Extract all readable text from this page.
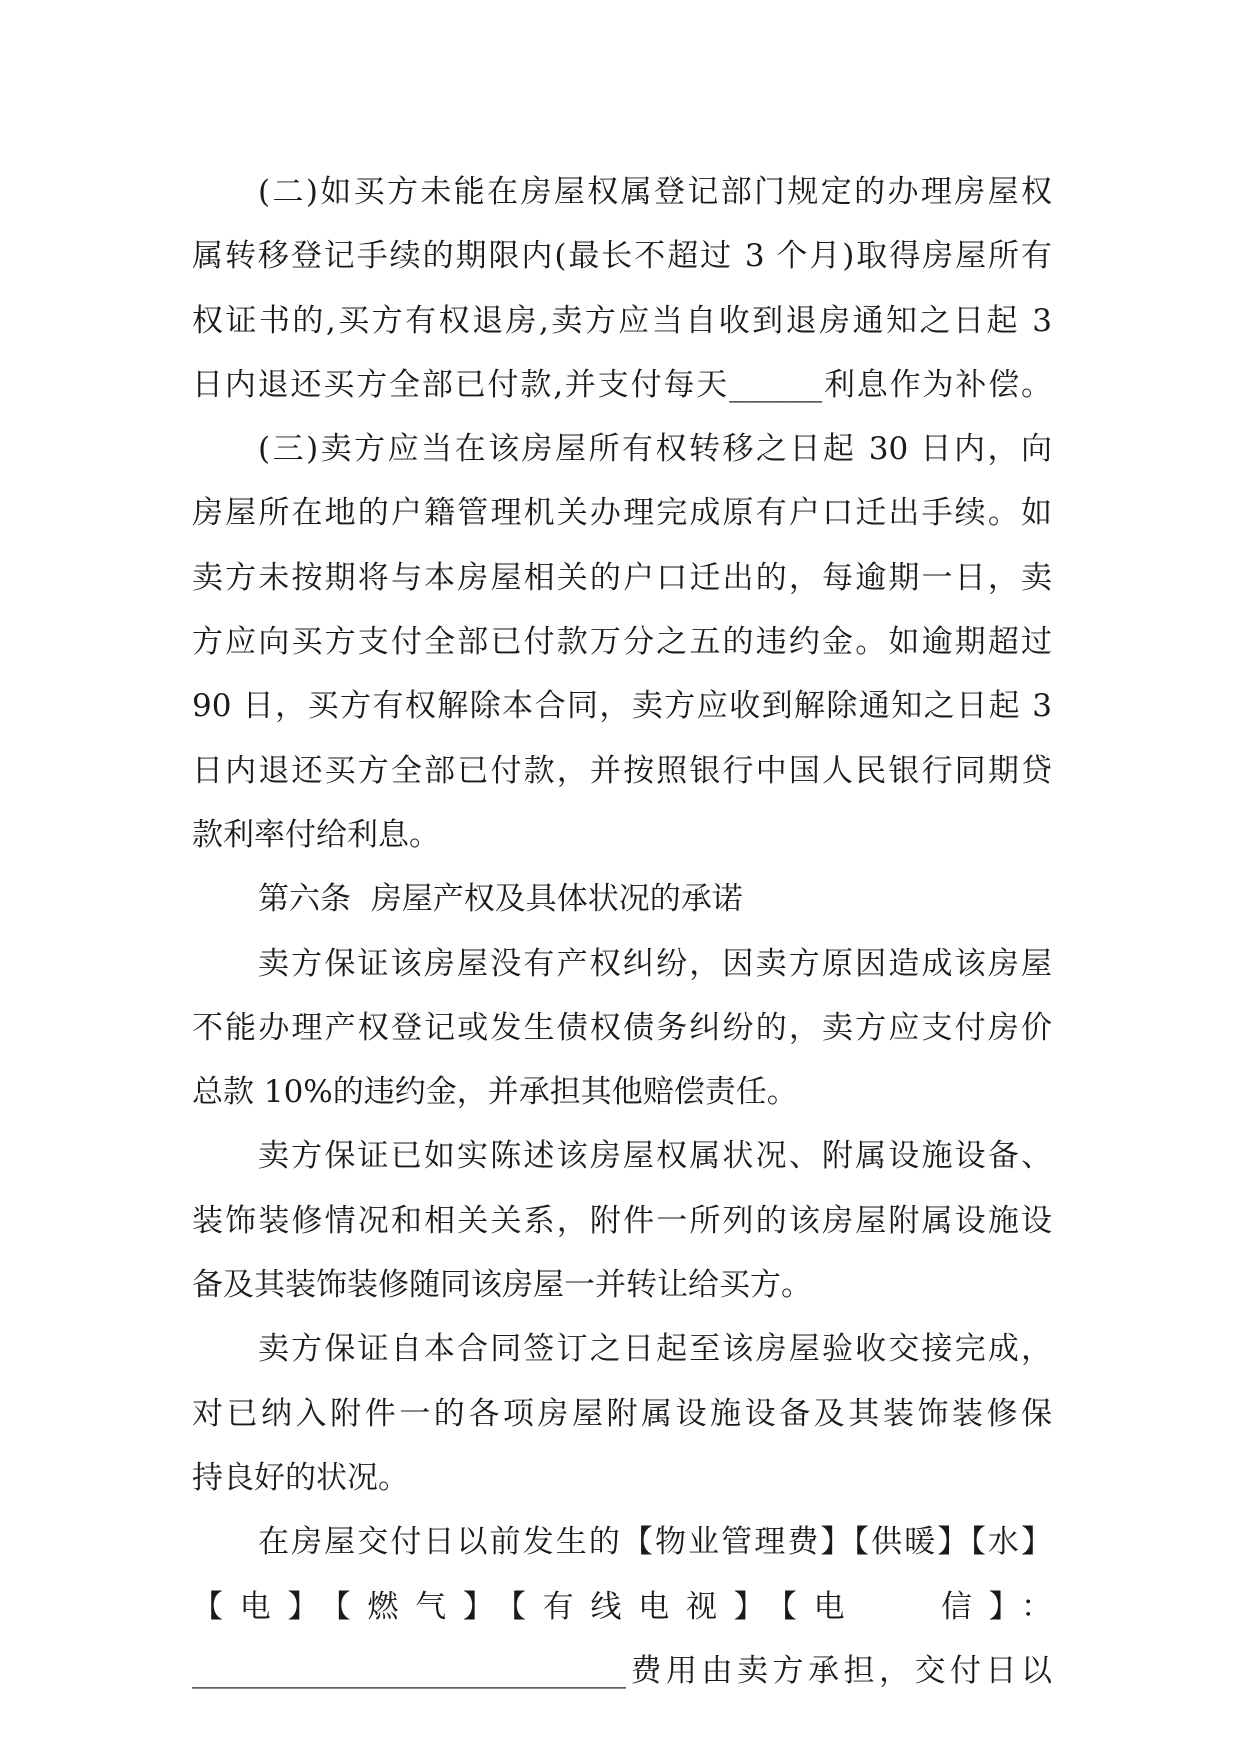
(二)如买方未能在房屋权属登记部门规定的办理房屋权
属转移登记手续的期限内(最长不超过 3 个月)取得房屋所有
权证书的,买方有权退房,卖方应当自收到退房通知之日起 3
日内退还买方全部已付款,并支付每天______利息作为补偿。
(三)卖方应当在该房屋所有权转移之日起 30 日内，向
房屋所在地的户籍管理机关办理完成原有户口迁出手续。如
卖方未按期将与本房屋相关的户口迁出的，每逾期一日，卖
方应向买方支付全部已付款万分之五的违约金。如逾期超过
90 日，买方有权解除本合同，卖方应收到解除通知之日起 3
日内退还买方全部已付款，并按照银行中国人民银行同期贷
款利率付给利息。
第六条  房屋产权及具体状况的承诺
卖方保证该房屋没有产权纠纷，因卖方原因造成该房屋
不能办理产权登记或发生债权债务纠纷的，卖方应支付房价
总款 10%的违约金，并承担其他赔偿责任。
卖方保证已如实陈述该房屋权属状况、附属设施设备、
装饰装修情况和相关关系，附件一所列的该房屋附属设施设
备及其装饰装修随同该房屋一并转让给买方。
卖方保证自本合同签订之日起至该房屋验收交接完成，
对已纳入附件一的各项房屋附属设施设备及其装饰装修保
持良好的状况。
在房屋交付日以前发生的【物业管理费】【供暖】【水】
【电】【燃气】【有线电视】【电   信】：
____________________________费用由卖方承担，交付日以
